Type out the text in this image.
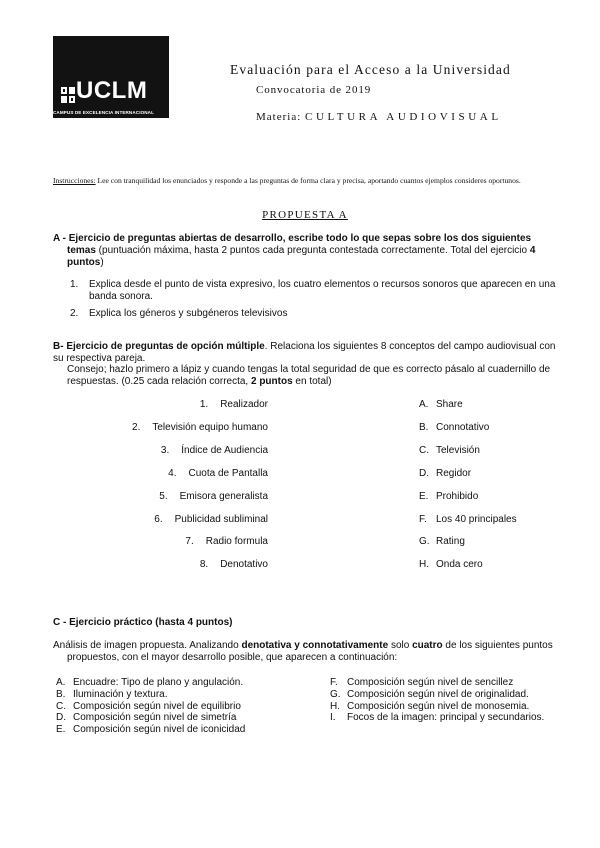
UCLM
CAMPUS DE EXCELENCIA INTERNACIONAL
Evaluación para el Acceso a la Universidad
Convocatoria de 2019
Materia: CULTURA AUDIOVISUAL
Instrucciones: Lee con tranquilidad los enunciados y responde a las preguntas de forma clara y precisa, aportando cuantos ejemplos consideres oportunos.
PROPUESTA A
A - Ejercicio de preguntas abiertas de desarrollo, escribe todo lo que sepas sobre los dos siguientes temas (puntuación máxima, hasta 2 puntos cada pregunta contestada correctamente. Total del ejercicio 4 puntos)
1. Explica desde el punto de vista expresivo, los cuatro elementos o recursos sonoros que aparecen en una banda sonora.
2. Explica los géneros y subgéneros televisivos
B- Ejercicio de preguntas de opción múltiple. Relaciona los siguientes 8 conceptos del campo audiovisual con su respectiva pareja.
Consejo; hazlo primero a lápiz y cuando tengas la total seguridad de que es correcto pásalo al cuadernillo de respuestas. (0.25 cada relación correcta, 2 puntos en total)
1. Realizador
2. Televisión equipo humano
3. Índice de Audiencia
4. Cuota de Pantalla
5. Emisora generalista
6. Publicidad subliminal
7. Radio formula
8. Denotativo
A. Share
B. Connotativo
C. Televisión
D. Regidor
E. Prohibido
F. Los 40 principales
G. Rating
H. Onda cero
C - Ejercicio práctico (hasta 4 puntos)
Análisis de imagen propuesta. Analizando denotativa y connotativamente solo cuatro de los siguientes puntos
propuestos, con el mayor desarrollo posible, que aparecen a continuación:
A. Encuadre: Tipo de plano y angulación.
B. Iluminación y textura.
C. Composición según nivel de equilibrio
D. Composición según nivel de simetría
E. Composición según nivel de iconicidad
F. Composición según nivel de sencillez
G. Composición según nivel de originalidad.
H. Composición según nivel de monosemia.
I. Focos de la imagen: principal y secundarios.
